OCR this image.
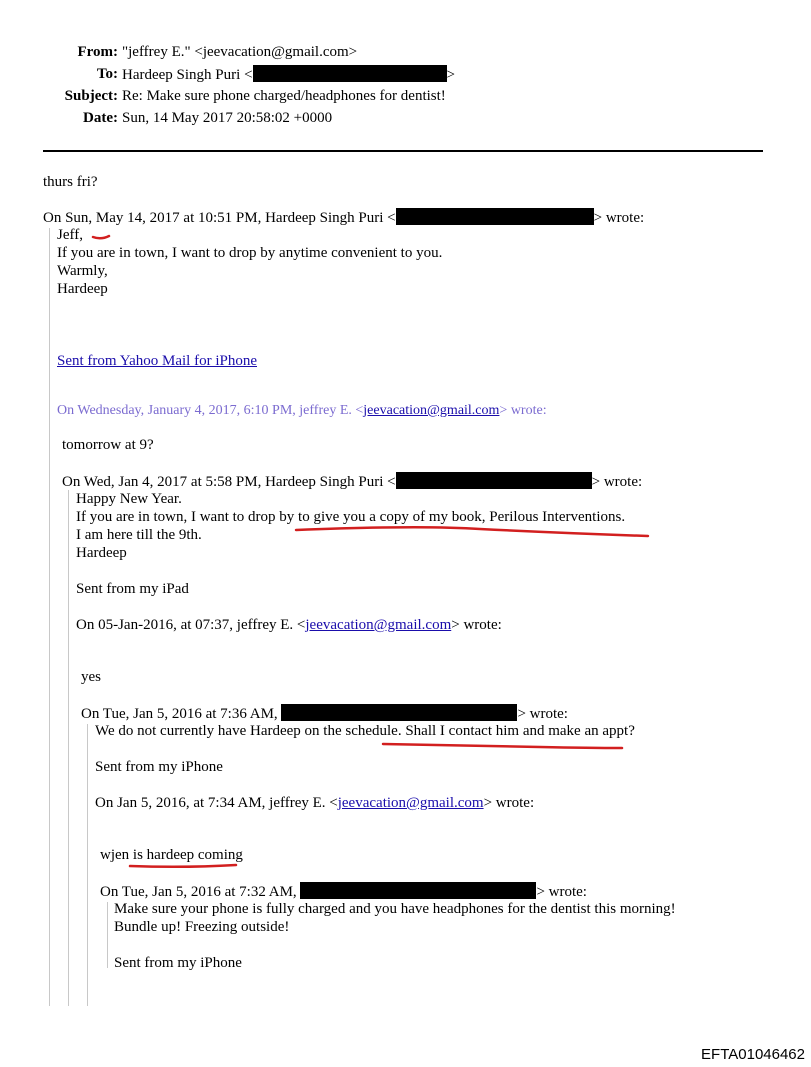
From: "jeffrey E." <jeevacation@gmail.com>
To: Hardeep Singh Puri <	>
Subject: Re: Make sure phone charged/headphones for dentist!
Date: Sun, 14 May 2017 20:58:02 +0000
thurs fri?
On Sun, May 14, 2017 at 10:51 PM, Hardeep Singh Puri <	> wrote:
Jeff,
If you are in town, I want to drop by anytime convenient to you.
Warmly,
Hardeep
Sent from Yahoo Mail for iPhone
On Wednesday, January 4, 2017, 6:10 PM, jeffrey E. <jeevacation@gmail.com> wrote:
tomorrow at 9?
On Wed, Jan 4, 2017 at 5:58 PM, Hardeep Singh Puri <	> wrote:
Happy New Year.
If you are in town, I want to drop by to give you a copy of my book, Perilous Interventions.
I am here till the 9th.
Hardeep
Sent from my iPad
On 05-Jan-2016, at 07:37, jeffrey E. <jeevacation@gmail.com> wrote:
yes
On Tue, Jan 5, 2016 at 7:36 AM,	> wrote:
We do not currently have Hardeep on the schedule. Shall I contact him and make an appt?
Sent from my iPhone
On Jan 5, 2016, at 7:34 AM, jeffrey E. <jeevacation@gmail.com> wrote:
wjen is hardeep coming
On Tue, Jan 5, 2016 at 7:32 AM,	> wrote:
Make sure your phone is fully charged and you have headphones for the dentist this morning!
Bundle up! Freezing outside!
Sent from my iPhone
EFTA01046462
